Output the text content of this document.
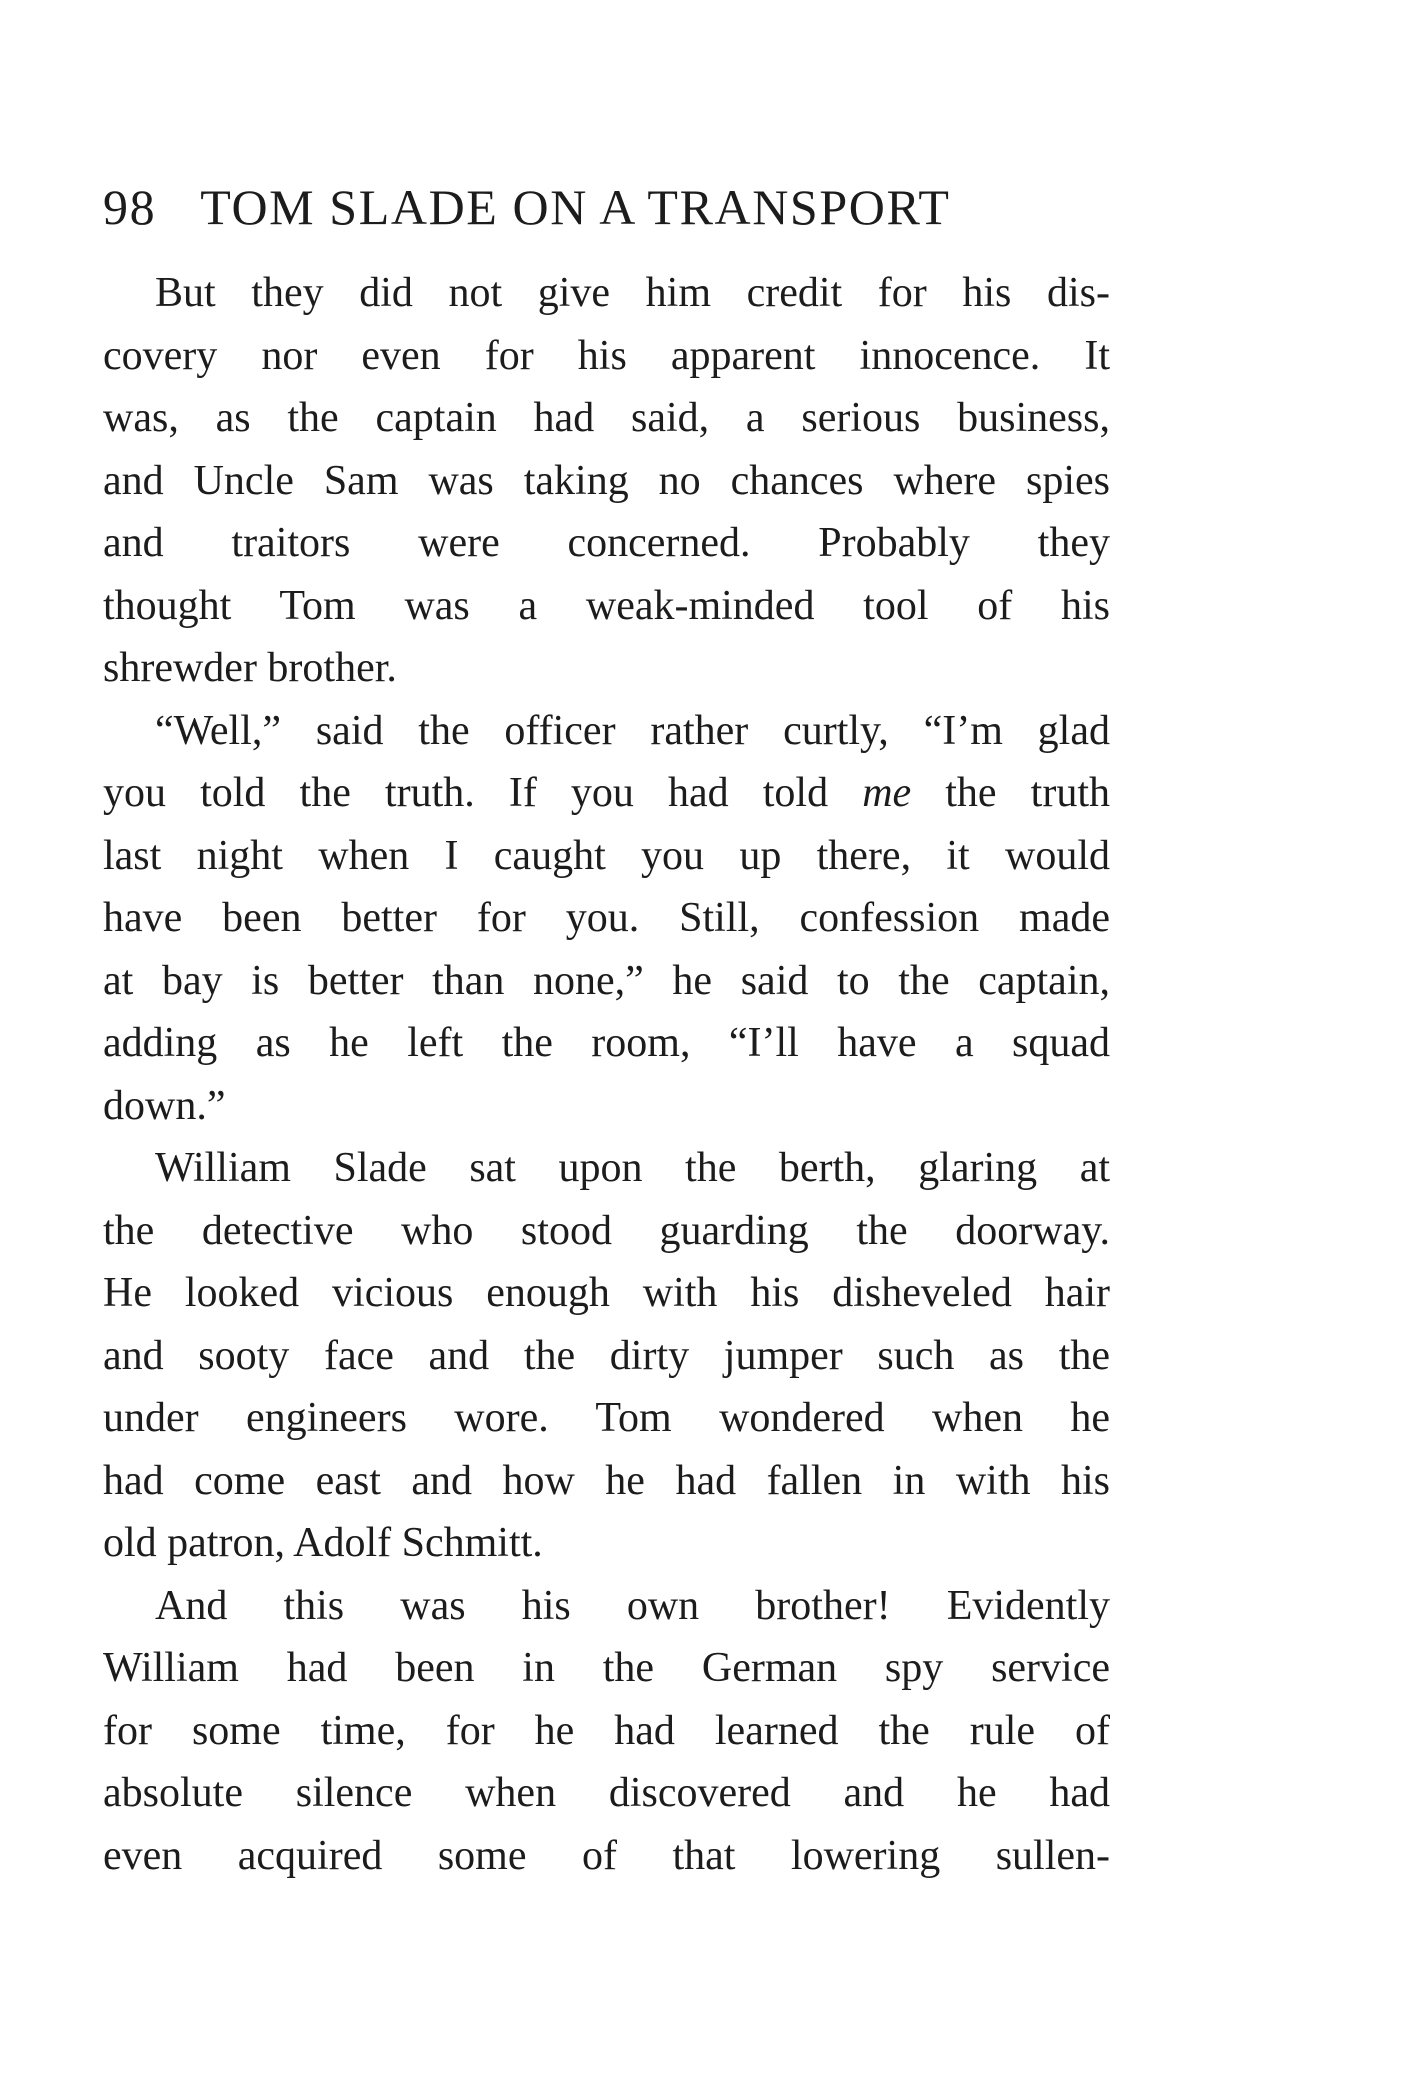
98 TOM SLADE ON A TRANSPORT
But they did not give him credit for his dis-
covery nor even for his apparent innocence. It
was, as the captain had said, a serious business,
and Uncle Sam was taking no chances where spies
and traitors were concerned. Probably they
thought Tom was a weak-minded tool of his
shrewder brother.
“Well,” said the officer rather curtly, “I’m glad
you told the truth. If you had told me the truth
last night when I caught you up there, it would
have been better for you. Still, confession made
at bay is better than none,” he said to the captain,
adding as he left the room, “I’ll have a squad
down.”
William Slade sat upon the berth, glaring at
the detective who stood guarding the doorway.
He looked vicious enough with his disheveled hair
and sooty face and the dirty jumper such as the
under engineers wore. Tom wondered when he
had come east and how he had fallen in with his
old patron, Adolf Schmitt.
And this was his own brother! Evidently
William had been in the German spy service
for some time, for he had learned the rule of
absolute silence when discovered and he had
even acquired some of that lowering sullen-
